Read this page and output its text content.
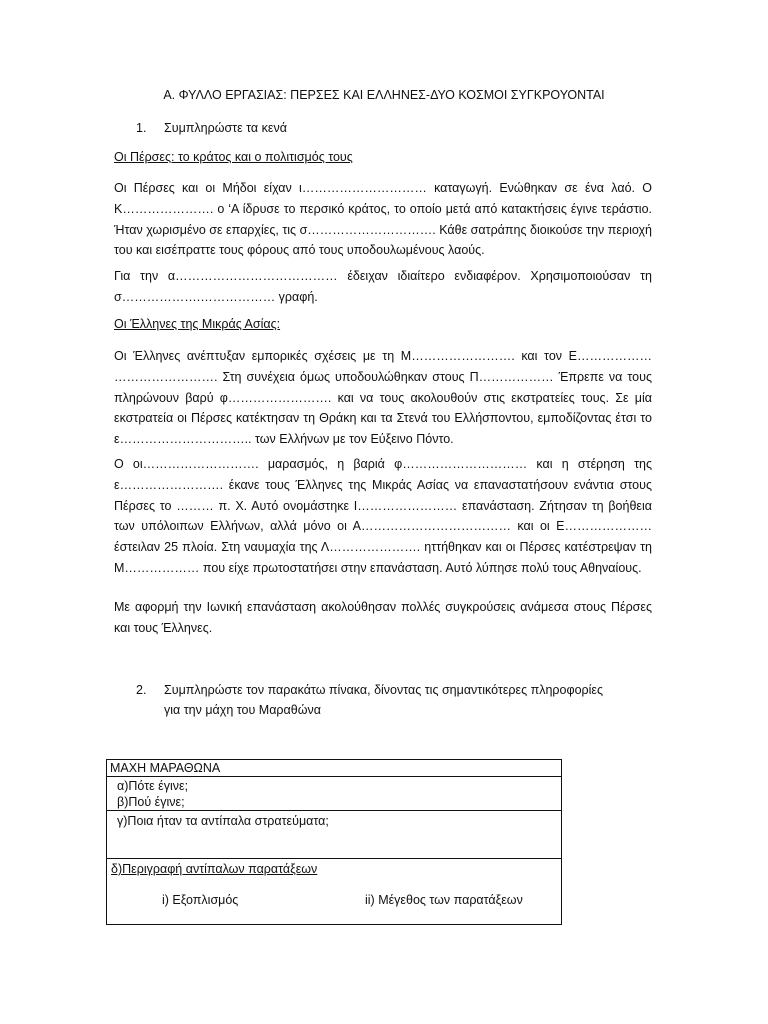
Α. ΦΥΛΛΟ ΕΡΓΑΣΙΑΣ: ΠΕΡΣΕΣ ΚΑΙ ΕΛΛΗΝΕΣ-ΔΥΟ ΚΟΣΜΟΙ ΣΥΓΚΡΟΥΟΝΤΑΙ
1. Συμπληρώστε τα κενά
Οι Πέρσες: το κράτος και ο πολιτισμός τους
Οι Πέρσες και οι Μήδοι είχαν ι………………………… καταγωγή. Ενώθηκαν σε ένα λαό. Ο Κ…………………. ο ‘Α ίδρυσε το περσικό κράτος, το οποίο μετά από κατακτήσεις έγινε τεράστιο. Ήταν χωρισμένο σε επαρχίες, τις σ…………………………. Κάθε σατράπης διοικούσε την περιοχή του και εισέπραττε τους φόρους από τους υποδουλωμένους λαούς.
Για την α………………………………… έδειχαν ιδιαίτερο ενδιαφέρον. Χρησιμοποιούσαν τη σ……………….……………… γραφή.
Οι Έλληνες της Μικράς Ασίας:
Οι Έλληνες ανέπτυξαν εμπορικές σχέσεις με τη Μ……………………. και τον Ε……………… ……………………. Στη συνέχεια όμως υποδουλώθηκαν στους Π……………… Έπρεπε να τους πληρώνουν βαρύ φ……………………. και να τους ακολουθούν στις εκστρατείες τους. Σε μία εκστρατεία οι Πέρσες κατέκτησαν τη Θράκη και τα Στενά του Ελλήσποντου, εμποδίζοντας έτσι το ε………………………….. των Ελλήνων με τον Εύξεινο Πόντο.
Ο οι………………………. μαρασμός, η βαριά φ………………………… και η στέρηση της ε……………………. έκανε τους Έλληνες της Μικράς Ασίας να επαναστατήσουν ενάντια στους Πέρσες το ……… π. Χ. Αυτό ονομάστηκε Ι…………………… επανάσταση. Ζήτησαν τη βοήθεια των υπόλοιπων Ελλήνων, αλλά μόνο οι Α……………………………… και οι Ε………………… έστειλαν 25 πλοία. Στη ναυμαχία της Λ…………………. ηττήθηκαν και οι Πέρσες κατέστρεψαν τη Μ……………… που είχε πρωτοστατήσει στην επανάσταση. Αυτό λύπησε πολύ τους Αθηναίους.
Με αφορμή την Ιωνική επανάσταση ακολούθησαν πολλές συγκρούσεις ανάμεσα στους Πέρσες και τους Έλληνες.
2. Συμπληρώστε τον παρακάτω πίνακα, δίνοντας τις σημαντικότερες πληροφορίες
για την μάχη του Μαραθώνα
ΜΑΧΗ ΜΑΡΑΘΩΝΑ
α)Πότε έγινε;
β)Πού έγινε;
γ)Ποια ήταν τα αντίπαλα στρατεύματα;
δ)Περιγραφή αντίπαλων παρατάξεων
i) Εξοπλισμός	ii) Μέγεθος των παρατάξεων
